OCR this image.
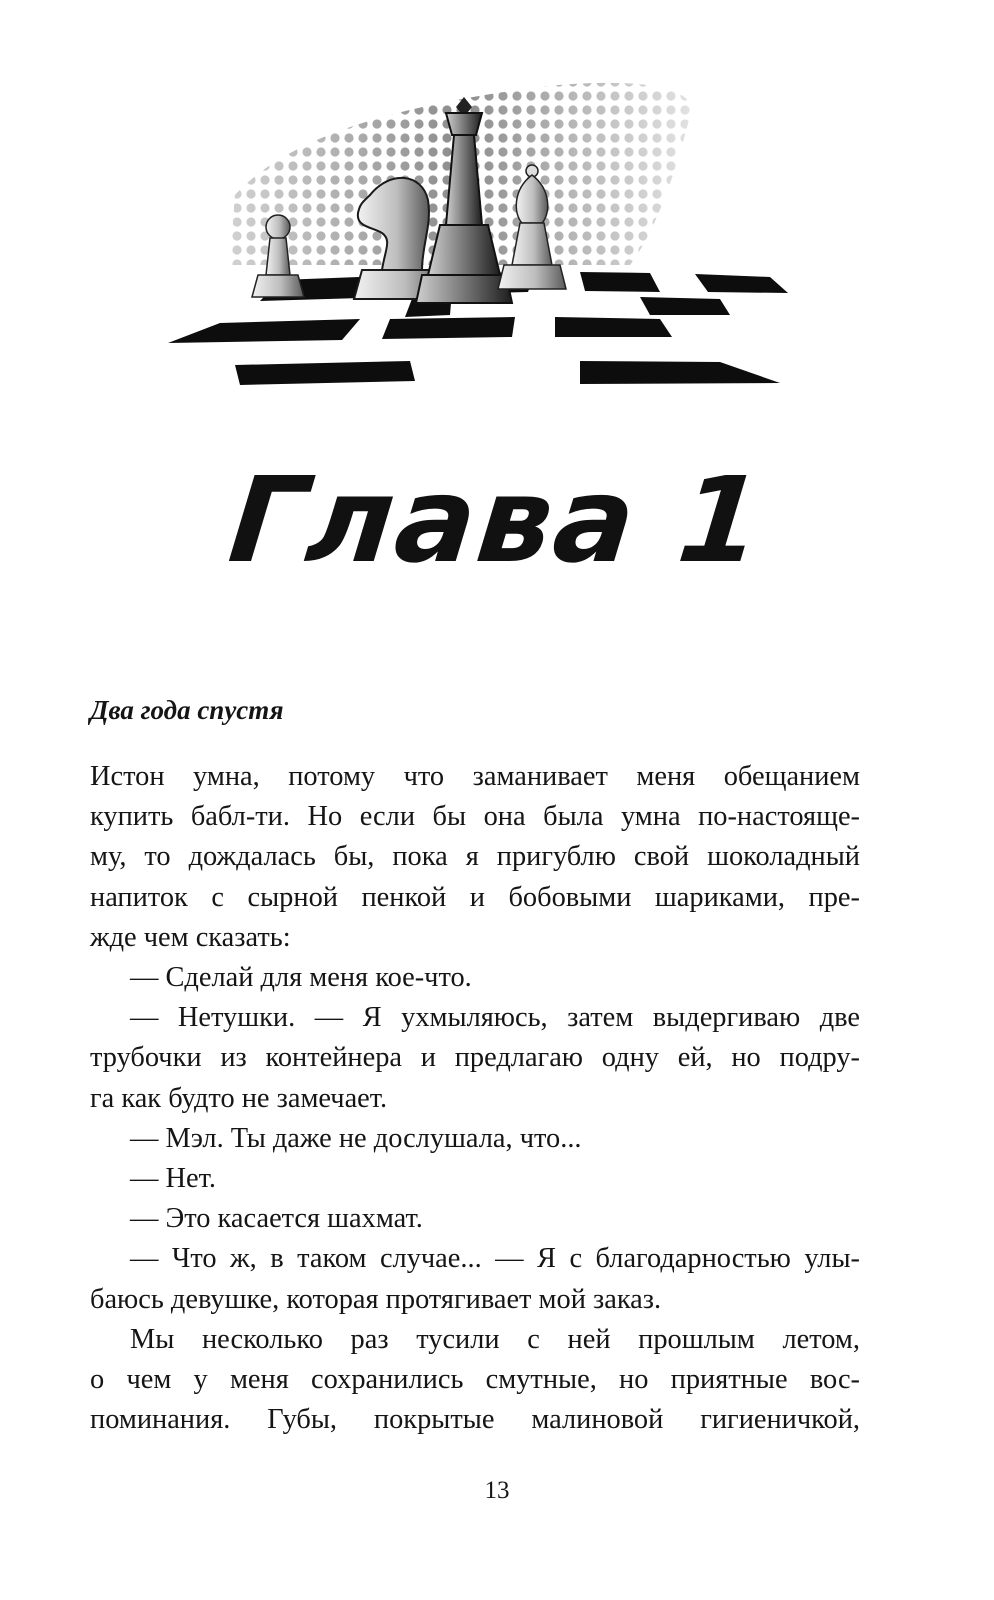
Глава 1
Два года спустя

Истон умна, потому что заманивает меня обещанием

купить бабл-ти. Но если бы она была умна по-настояще-

му, то дождалась бы, пока я пригублю свой шоколадный

напиток с сырной пенкой и бобовыми шариками, пре-

жде чем сказать:

— Сделай для меня кое-что.

— Нетушки. — Я ухмыляюсь, затем выдергиваю две

трубочки из контейнера и предлагаю одну ей, но подру-

га как будто не замечает.

— Мэл. Ты даже не дослушала, что...

— Нет.

— Это касается шахмат.

— Что ж, в таком случае... — Я с благодарностью улы-

баюсь девушке, которая протягивает мой заказ.

Мы несколько раз тусили с ней прошлым летом,

о чем у меня сохранились смутные, но приятные вос-

поминания. Губы, покрытые малиновой гигиеничкой,

13
